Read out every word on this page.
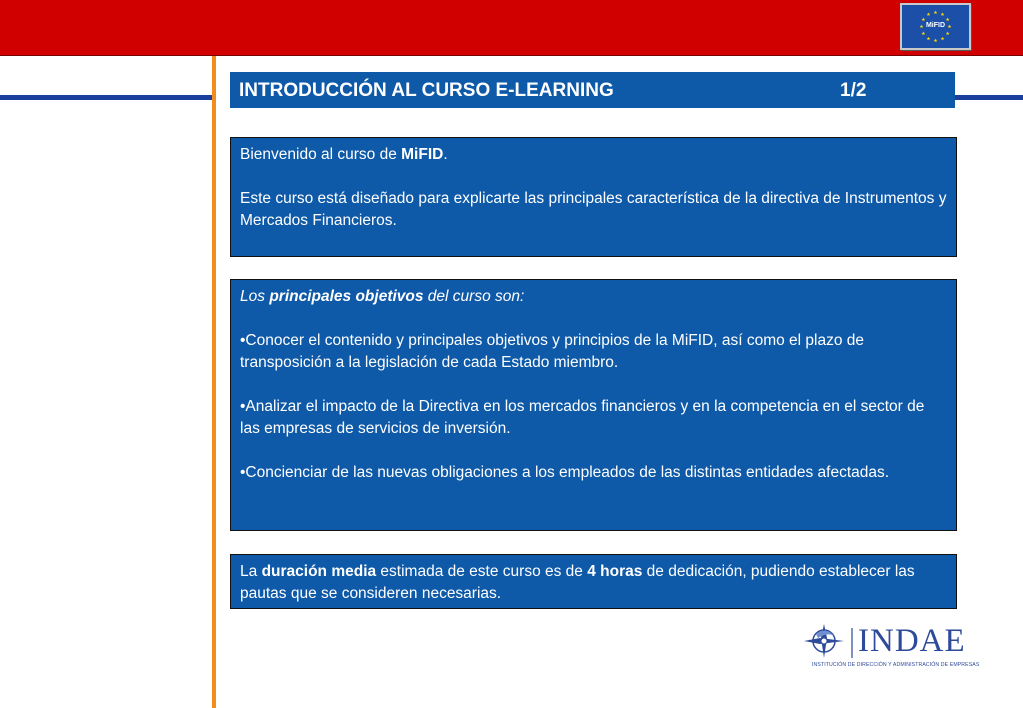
MiFID
INTRODUCCIÓN AL CURSO E-LEARNING	1/2

Bienvenido al curso de MiFID.

Este curso está diseñado para explicarte las principales característica de la directiva de Instrumentos y Mercados Financieros.

Los principales objetivos del curso son:

•Conocer el contenido y principales objetivos y principios de la MiFID, así como el plazo de transposición a la legislación de cada Estado miembro.

•Analizar el impacto de la Directiva en los mercados financieros y en la competencia en el sector de las empresas de servicios de inversión.

•Concienciar de las nuevas obligaciones a los empleados de las distintas entidades afectadas.

La duración media estimada de este curso es de 4 horas de dedicación, pudiendo establecer las pautas que se consideren necesarias.

INDAE
INSTITUCIÓN DE DIRECCIÓN Y ADMINISTRACIÓN DE EMPRESAS
